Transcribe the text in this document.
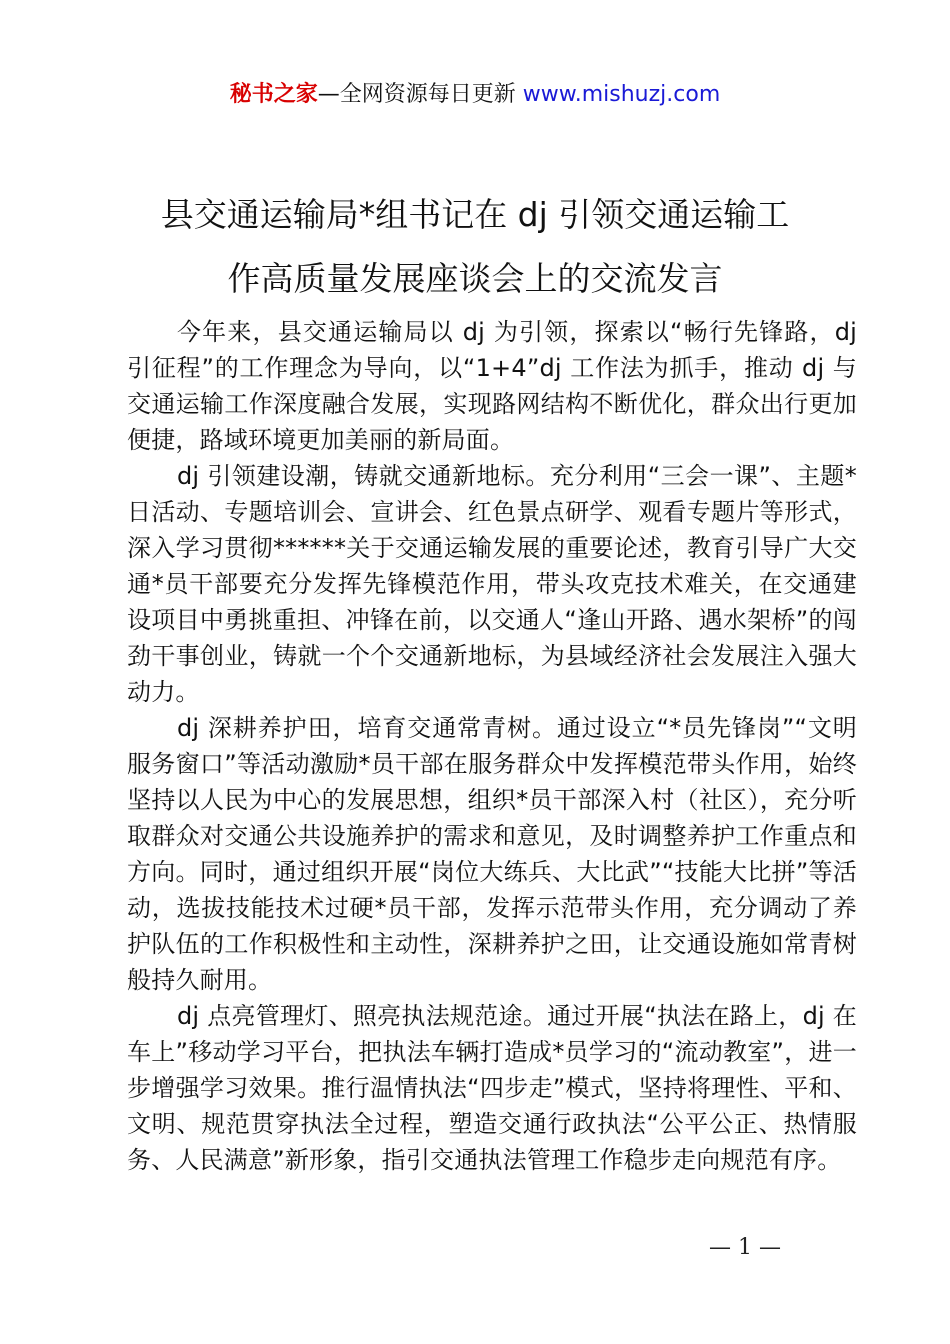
秘书之家—全网资源每日更新 www.mishuzj.com
县交通运输局*组书记在 dj 引领交通运输工
作高质量发展座谈会上的交流发言

今年来，县交通运输局以 dj 为引领，探索以“畅行先锋路，dj 引征程”的工作理念为导向，以“1+4”dj 工作法为抓手，推动 dj 与交通运输工作深度融合发展，实现路网结构不断优化，群众出行更加便捷，路域环境更加美丽的新局面。

dj 引领建设潮，铸就交通新地标。充分利用“三会一课”、主题*日活动、专题培训会、宣讲会、红色景点研学、观看专题片等形式，深入学习贯彻******关于交通运输发展的重要论述，教育引导广大交通*员干部要充分发挥先锋模范作用，带头攻克技术难关，在交通建设项目中勇挑重担、冲锋在前，以交通人“逢山开路、遇水架桥”的闯劲干事创业，铸就一个个交通新地标，为县域经济社会发展注入强大动力。

dj 深耕养护田，培育交通常青树。通过设立“*员先锋岗”“文明服务窗口”等活动激励*员干部在服务群众中发挥模范带头作用，始终坚持以人民为中心的发展思想，组织*员干部深入村（社区），充分听取群众对交通公共设施养护的需求和意见，及时调整养护工作重点和方向。同时，通过组织开展“岗位大练兵、大比武”“技能大比拼”等活动，选拔技能技术过硬*员干部，发挥示范带头作用，充分调动了养护队伍的工作积极性和主动性，深耕养护之田，让交通设施如常青树般持久耐用。

dj 点亮管理灯、照亮执法规范途。通过开展“执法在路上，dj 在车上”移动学习平台，把执法车辆打造成*员学习的“流动教室”，进一步增强学习效果。推行温情执法“四步走”模式，坚持将理性、平和、文明、规范贯穿执法全过程，塑造交通行政执法“公平公正、热情服务、人民满意”新形象，指引交通执法管理工作稳步走向规范有序。

— 1 —
